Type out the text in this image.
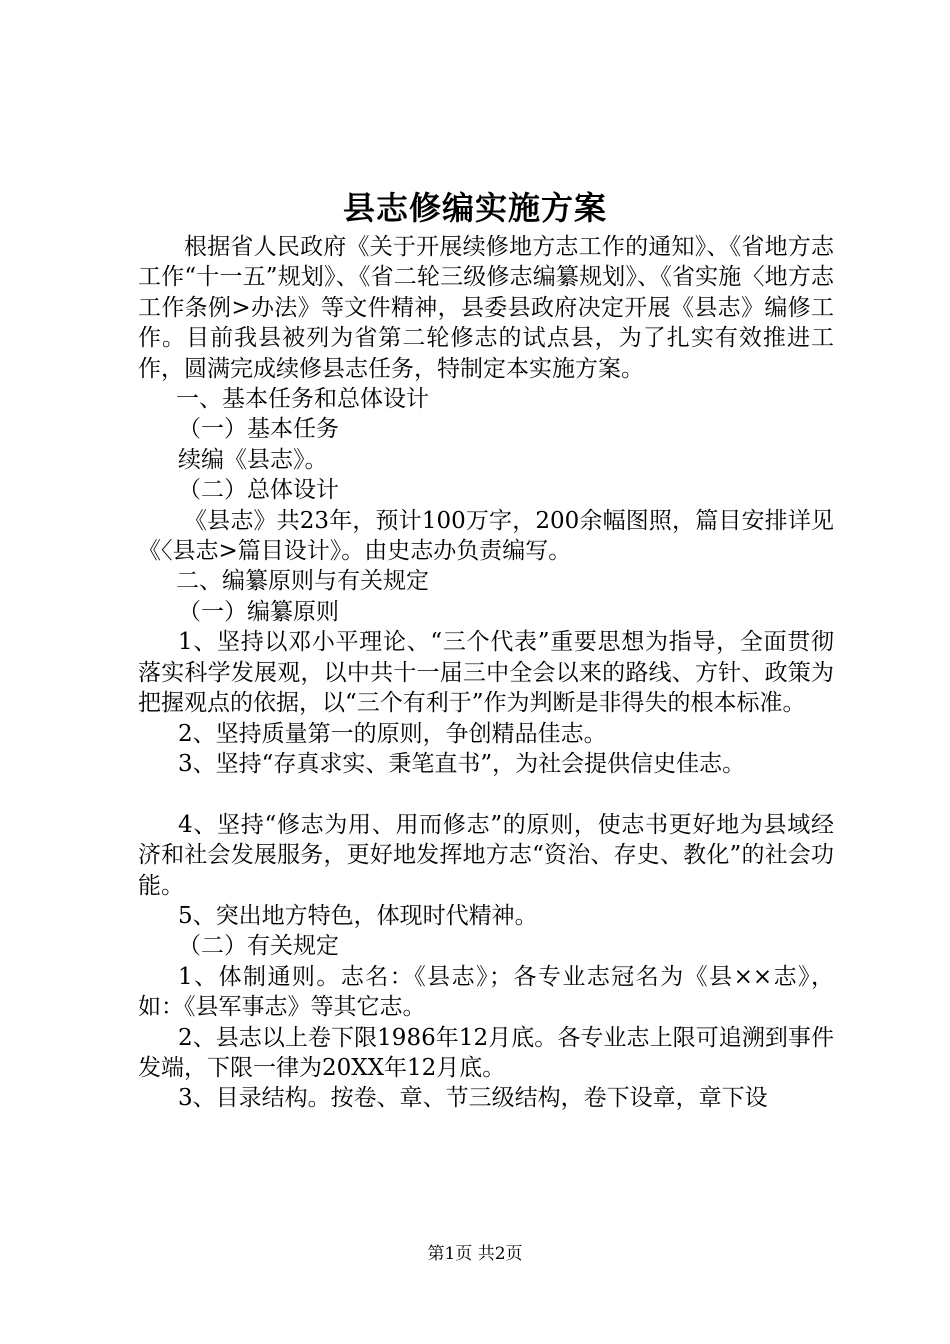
县志修编实施方案

根据省人民政府《关于开展续修地方志工作的通知》、《省地方志工作“十一五”规划》、《省二轮三级修志编纂规划》、《省实施〈地方志工作条例>办法》等文件精神，县委县政府决定开展《县志》编修工作。目前我县被列为省第二轮修志的试点县，为了扎实有效推进工作，圆满完成续修县志任务，特制定本实施方案。

一、基本任务和总体设计

（一）基本任务

续编《县志》。

（二）总体设计

《县志》共23年，预计100万字，200余幅图照，篇目安排详见《〈县志>篇目设计》。由史志办负责编写。

二、编纂原则与有关规定

（一）编纂原则

1、坚持以邓小平理论、“三个代表”重要思想为指导，全面贯彻落实科学发展观，以中共十一届三中全会以来的路线、方针、政策为把握观点的依据，以“三个有利于”作为判断是非得失的根本标准。

2、坚持质量第一的原则，争创精品佳志。

3、坚持“存真求实、秉笔直书”，为社会提供信史佳志。

4、坚持“修志为用、用而修志”的原则，使志书更好地为县域经济和社会发展服务，更好地发挥地方志“资治、存史、教化”的社会功能。

5、突出地方特色，体现时代精神。

（二）有关规定

1、体制通则。志名：《县志》；各专业志冠名为《县××志》，如：《县军事志》等其它志。

2、县志以上卷下限1986年12月底。各专业志上限可追溯到事件发端，下限一律为20XX年12月底。

3、目录结构。按卷、章、节三级结构，卷下设章，章下设

第1页 共2页
